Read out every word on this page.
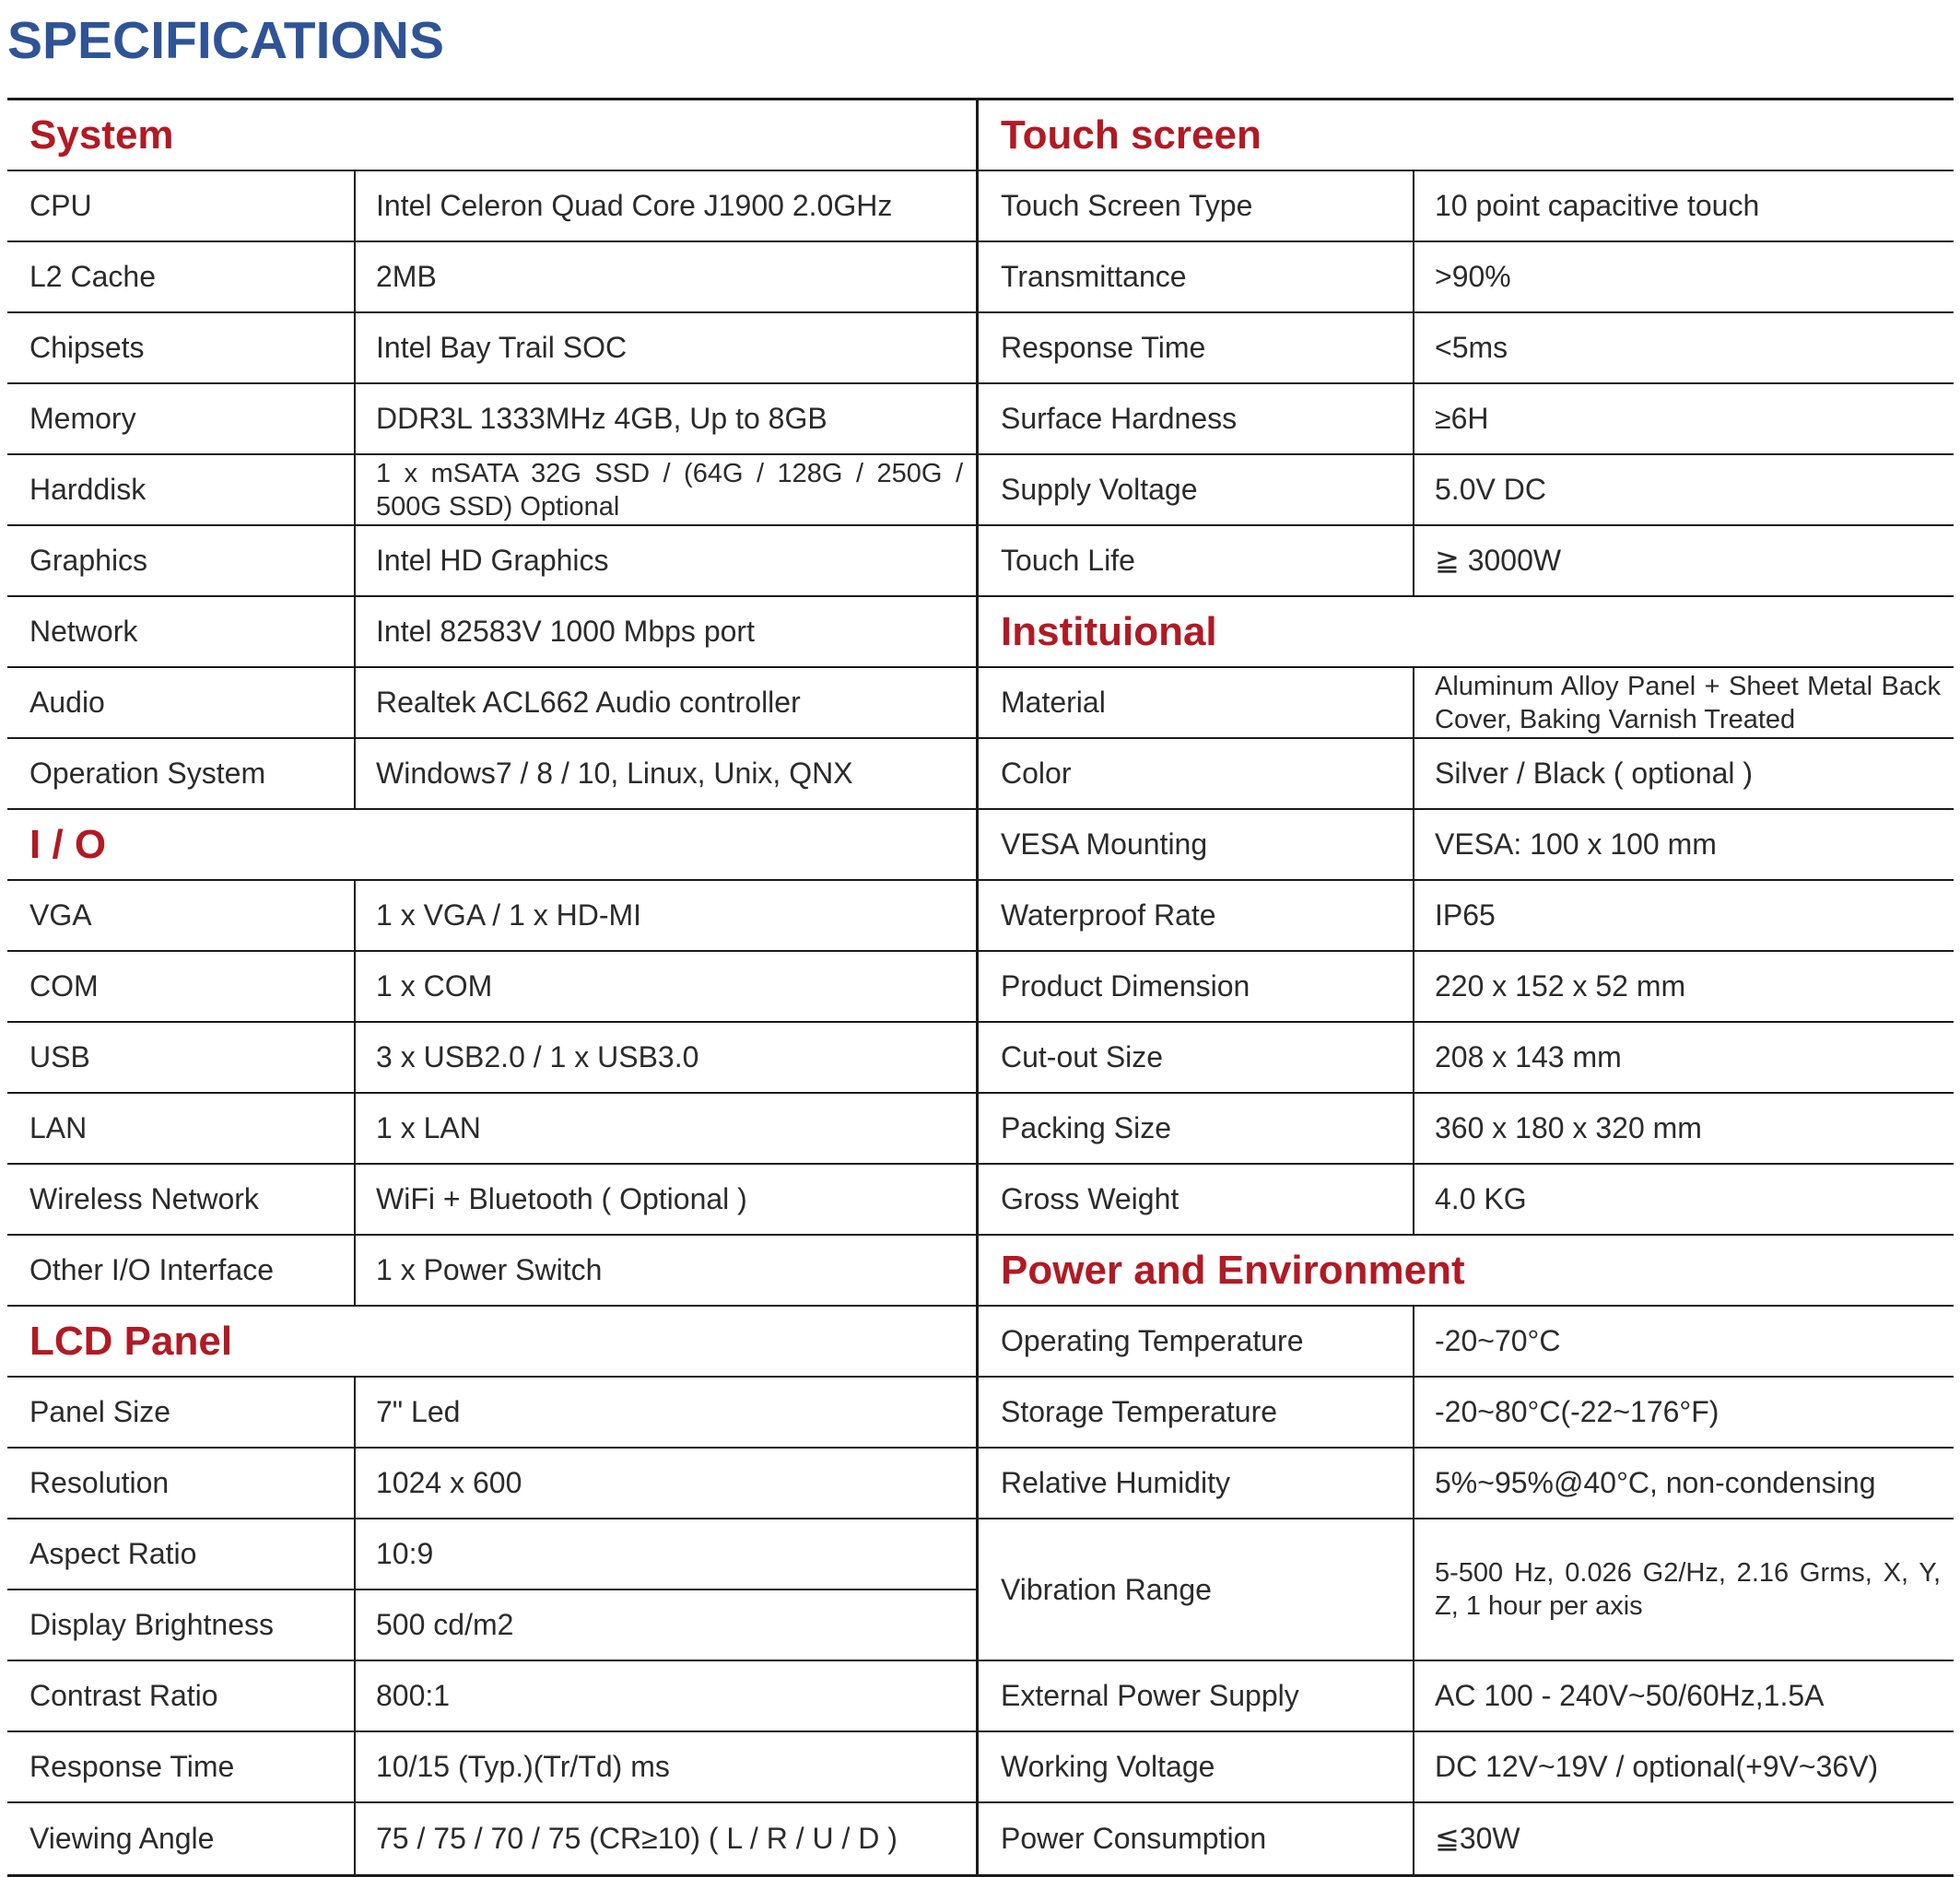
SPECIFICATIONS
System
CPU	Intel Celeron Quad Core J1900 2.0GHz
L2 Cache	2MB
Chipsets	Intel Bay Trail SOC
Memory	DDR3L 1333MHz 4GB, Up to 8GB
Harddisk	1 x mSATA 32G SSD / (64G / 128G / 250G / 500G SSD) Optional
Graphics	Intel HD Graphics
Network	Intel 82583V 1000 Mbps port
Audio	Realtek ACL662 Audio controller
Operation System	Windows7 / 8 / 10, Linux, Unix, QNX
I / O
VGA	1 x VGA / 1 x HD-MI
COM	1 x COM
USB	3 x USB2.0 / 1 x USB3.0
LAN	1 x LAN
Wireless Network	WiFi + Bluetooth ( Optional )
Other I/O Interface	1 x Power Switch
LCD Panel
Panel Size	7" Led
Resolution	1024 x 600
Aspect Ratio	10:9
Display Brightness	500 cd/m2
Contrast Ratio	800:1
Response Time	10/15 (Typ.)(Tr/Td) ms
Viewing Angle	75 / 75 / 70 / 75 (CR≥10) ( L / R / U / D )
Touch screen
Touch Screen Type	10 point capacitive touch
Transmittance	>90%
Response Time	<5ms
Surface Hardness	≥6H
Supply Voltage	5.0V DC
Touch Life	≧ 3000W
Instituional
Material	Aluminum Alloy Panel + Sheet Metal Back Cover, Baking Varnish Treated
Color	Silver / Black ( optional )
VESA Mounting	VESA: 100 x 100 mm
Waterproof Rate	IP65
Product Dimension	220 x 152 x 52 mm
Cut-out Size	208 x 143 mm
Packing Size	360 x 180 x 320 mm
Gross Weight	4.0 KG
Power and Environment
Operating Temperature	-20~70°C
Storage Temperature	-20~80°C(-22~176°F)
Relative Humidity	5%~95%@40°C, non-condensing
Vibration Range	5-500 Hz, 0.026 G2/Hz, 2.16 Grms, X, Y, Z, 1 hour per axis
External Power Supply	AC 100 - 240V~50/60Hz,1.5A
Working Voltage	DC 12V~19V / optional(+9V~36V)
Power Consumption	≦30W
